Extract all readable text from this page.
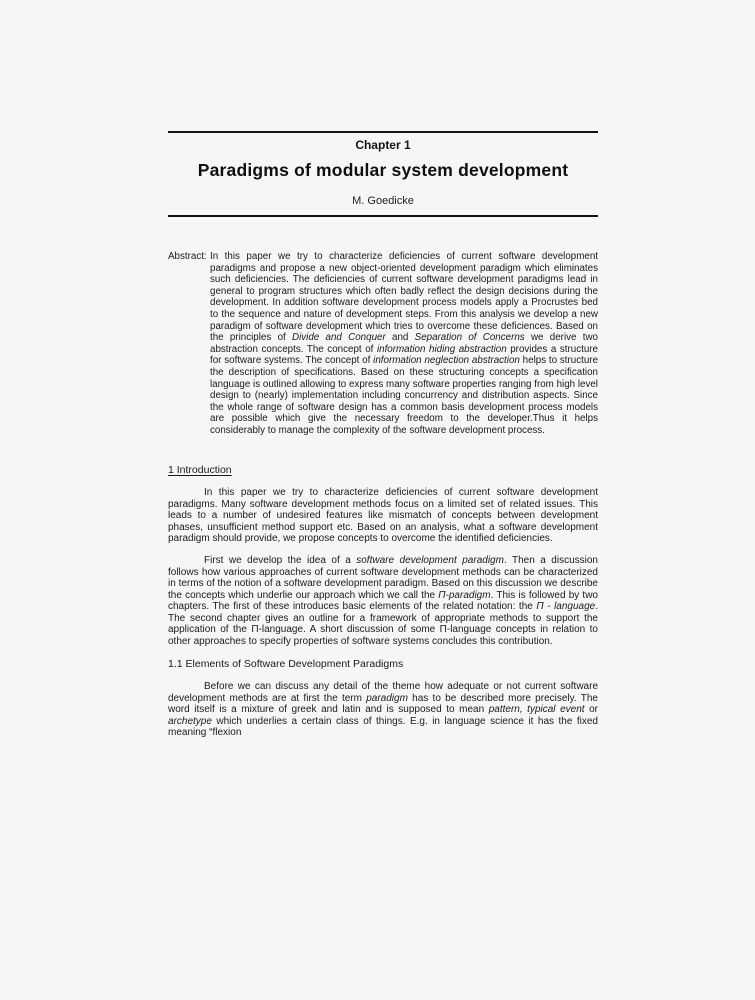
Chapter 1
Paradigms of modular system development
M. Goedicke
Abstract: In this paper we try to characterize deficiencies of current software development paradigms and propose a new object-oriented development paradigm which eliminates such deficiencies. The deficiencies of current software development paradigms lead in general to program structures which often badly reflect the design decisions during the development. In addition software development process models apply a Procrustes bed to the sequence and nature of development steps. From this analysis we develop a new paradigm of software development which tries to overcome these deficiences. Based on the principles of Divide and Conquer and Separation of Concerns we derive two abstraction concepts. The concept of information hiding abstraction provides a structure for software systems. The concept of information neglection abstraction helps to structure the description of specifications. Based on these structuring concepts a specification language is outlined allowing to express many software properties ranging from high level design to (nearly) implementation including concurrency and distribution aspects. Since the whole range of software design has a common basis development process models are possible which give the necessary freedom to the developer.Thus it helps considerably to manage the complexity of the software development process.

1 Introduction

In this paper we try to characterize deficiencies of current software development paradigms. Many software development methods focus on a limited set of related issues. This leads to a number of undesired features like mismatch of concepts between development phases, unsufficient method support etc. Based on an analysis, what a software development paradigm should provide, we propose concepts to overcome the identified deficiencies.

First we develop the idea of a software development paradigm. Then a discussion follows how various approaches of current software development methods can be characterized in terms of the notion of a software development paradigm. Based on this discussion we describe the concepts which underlie our approach which we call the Π-paradigm. This is followed by two chapters. The first of these introduces basic elements of the related notation: the Π - language. The second chapter gives an outline for a framework of appropriate methods to support the application of the Π-language. A short discussion of some Π-language concepts in relation to other approaches to specify properties of software systems concludes this contribution.

1.1 Elements of Software Development Paradigms

Before we can discuss any detail of the theme how adequate or not current software development methods are at first the term paradigm has to be described more precisely. The word itself is a mixture of greek and latin and is supposed to mean pattern, typical event or archetype which underlies a certain class of things. E.g. in language science it has the fixed meaning “flexion
